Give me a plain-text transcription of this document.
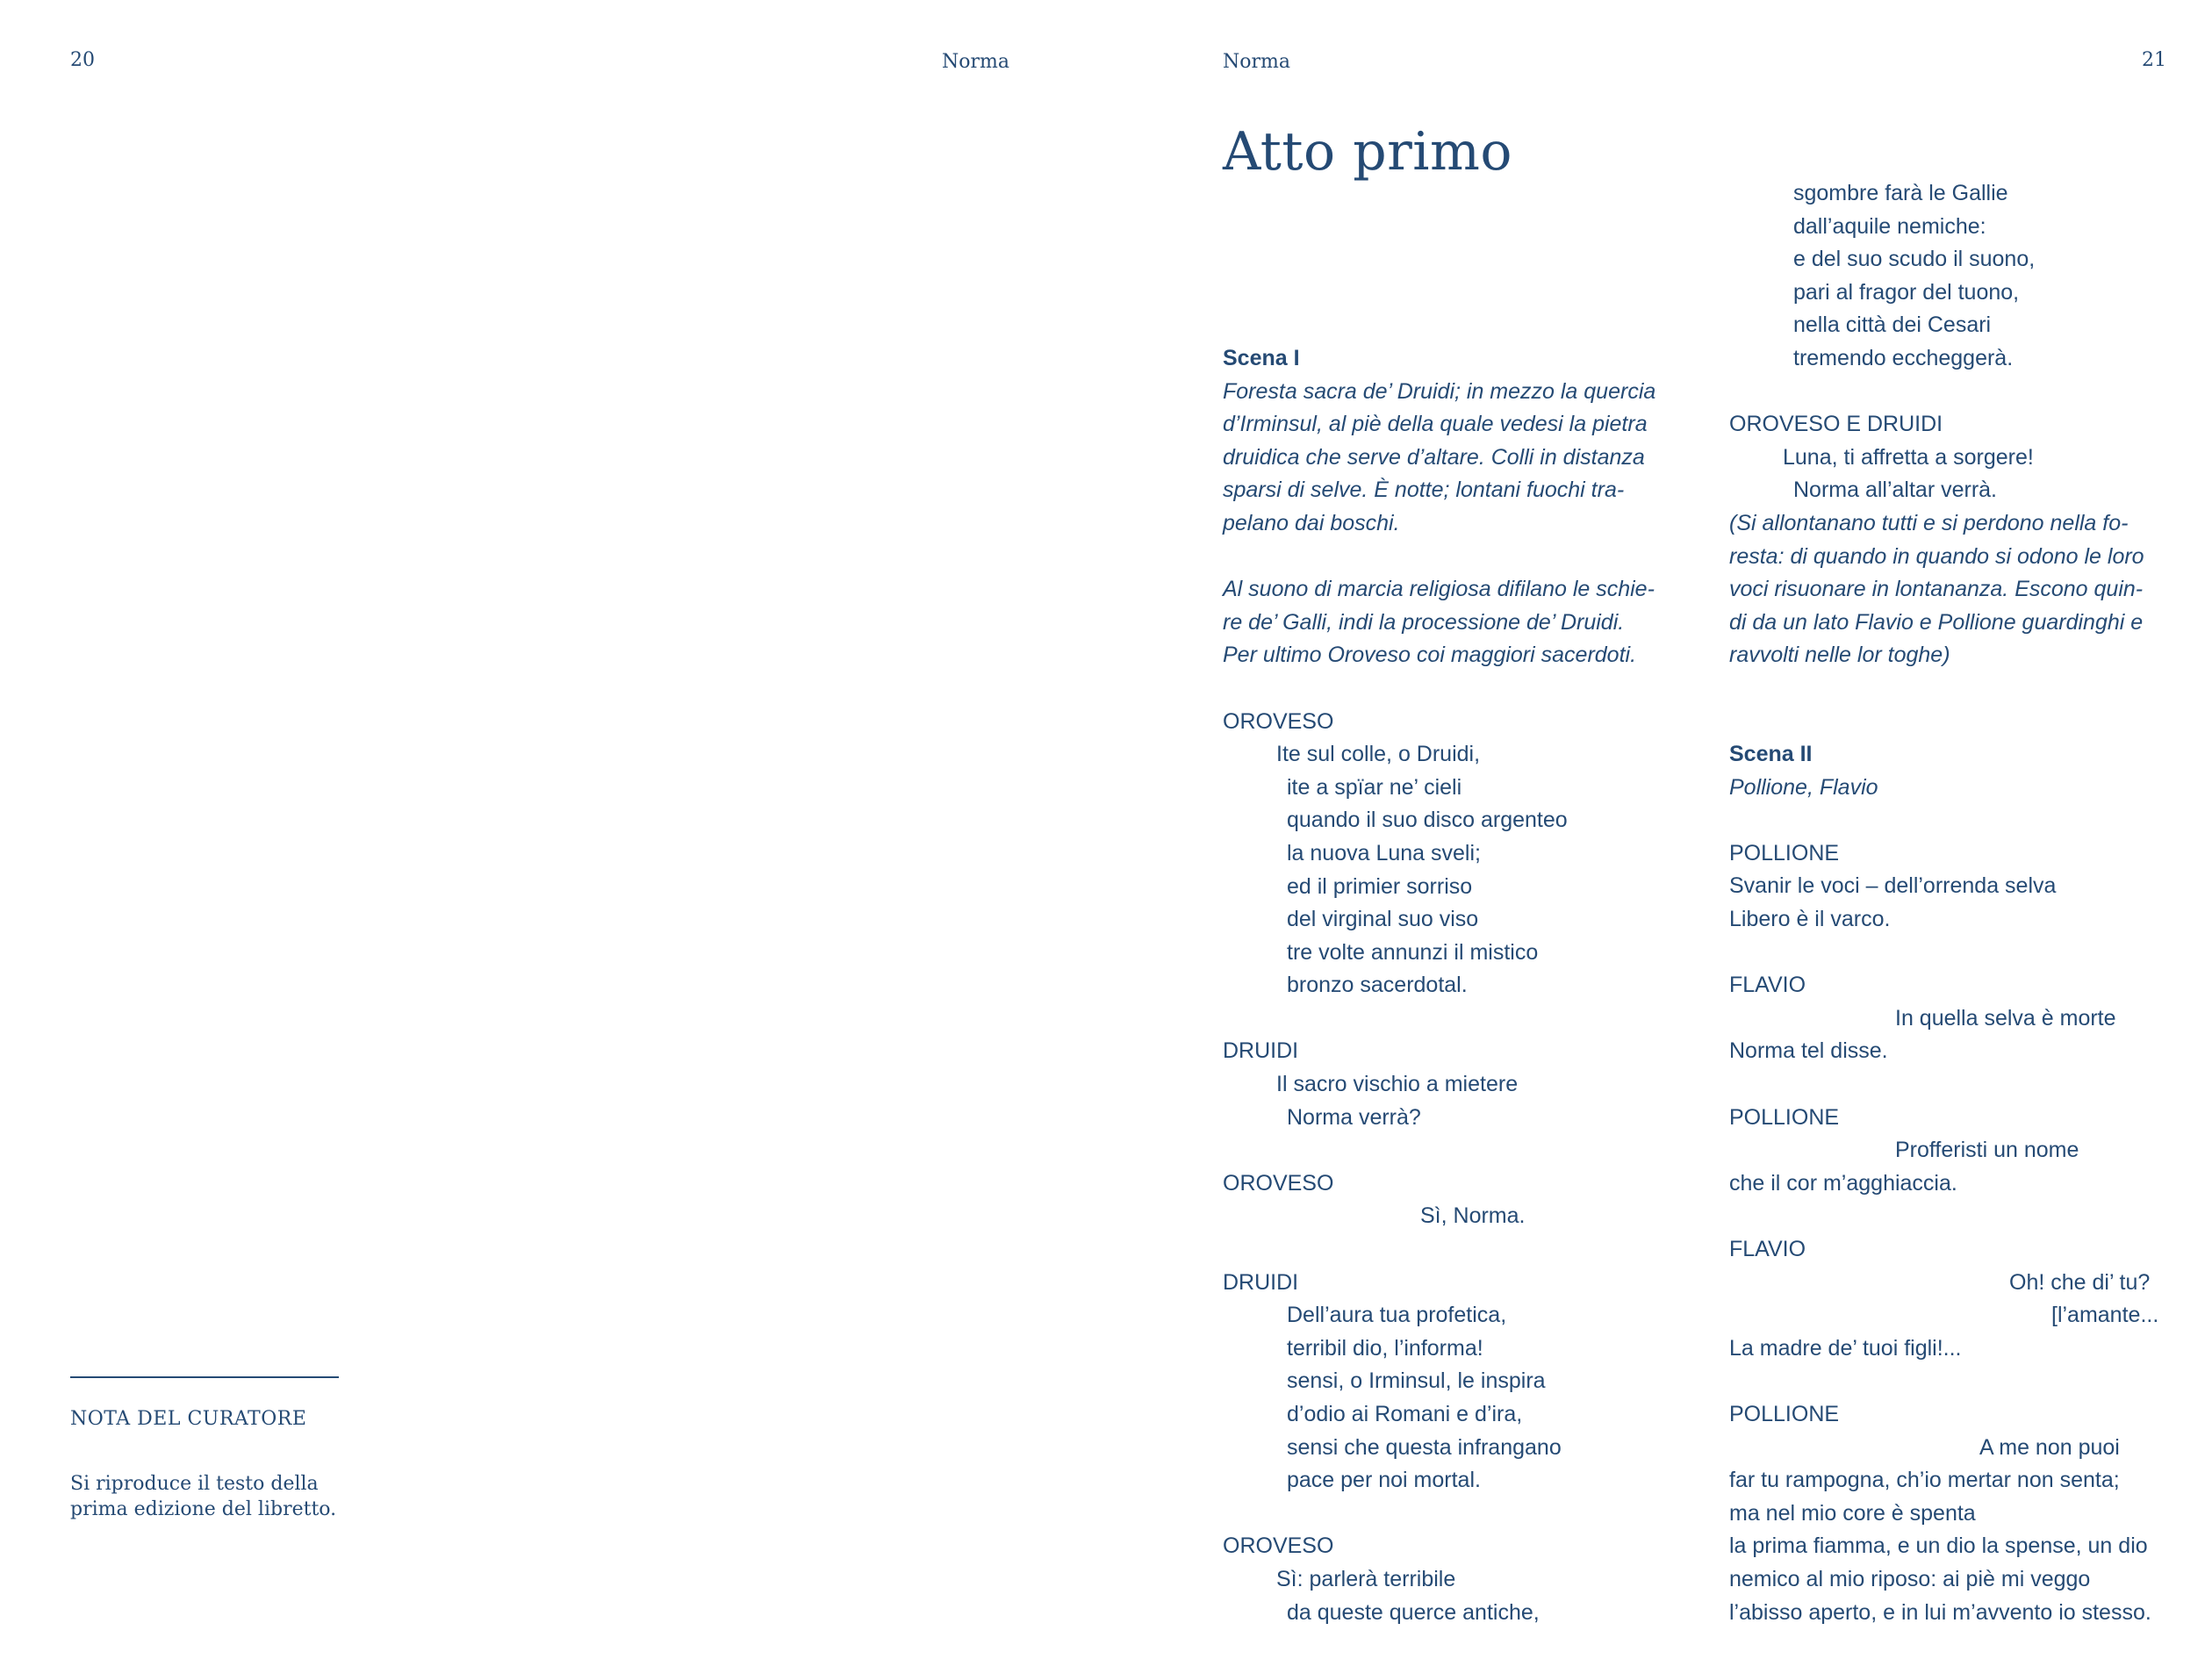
20	Norma
NOTA DEL CURATORE
Si riproduce il testo della
prima edizione del libretto.
Norma	21
Atto primo
Scena I
Foresta sacra de’ Druidi; in mezzo la quercia
d’Irminsul, al piè della quale vedesi la pietra
druidica che serve d’altare. Colli in distanza
sparsi di selve. È notte; lontani fuochi tra-
pelano dai boschi.

Al suono di marcia religiosa difilano le schie-
re de’ Galli, indi la processione de’ Druidi.
Per ultimo Oroveso coi maggiori sacerdoti.

OROVESO
Ite sul colle, o Druidi,
ite a spïar ne’ cieli
quando il suo disco argenteo
la nuova Luna sveli;
ed il primier sorriso
del virginal suo viso
tre volte annunzi il mistico
bronzo sacerdotal.

DRUIDI
Il sacro vischio a mietere
Norma verrà?

OROVESO
Sì, Norma.

DRUIDI
Dell’aura tua profetica,
terribil dio, l’informa!
sensi, o Irminsul, le inspira
d’odio ai Romani e d’ira,
sensi che questa infrangano
pace per noi mortal.

OROVESO
Sì: parlerà terribile
da queste querce antiche,
sgombre farà le Gallie
dall’aquile nemiche:
e del suo scudo il suono,
pari al fragor del tuono,
nella città dei Cesari
tremendo eccheggerà.

OROVESO E DRUIDI
Luna, ti affretta a sorgere!
Norma all’altar verrà.
(Si allontanano tutti e si perdono nella fo-
resta: di quando in quando si odono le loro
voci risuonare in lontananza. Escono quin-
di da un lato Flavio e Pollione guardinghi e
ravvolti nelle lor toghe)

Scena II
Pollione, Flavio

POLLIONE
Svanir le voci – dell’orrenda selva
Libero è il varco.

FLAVIO
In quella selva è morte
Norma tel disse.

POLLIONE
Profferisti un nome
che il cor m’agghiaccia.

FLAVIO
Oh! che di’ tu?
[l’amante...
La madre de’ tuoi figli!...

POLLIONE
A me non puoi
far tu rampogna, ch’io mertar non senta;
ma nel mio core è spenta
la prima fiamma, e un dio la spense, un dio
nemico al mio riposo: ai piè mi veggo
l’abisso aperto, e in lui m’avvento io stesso.
